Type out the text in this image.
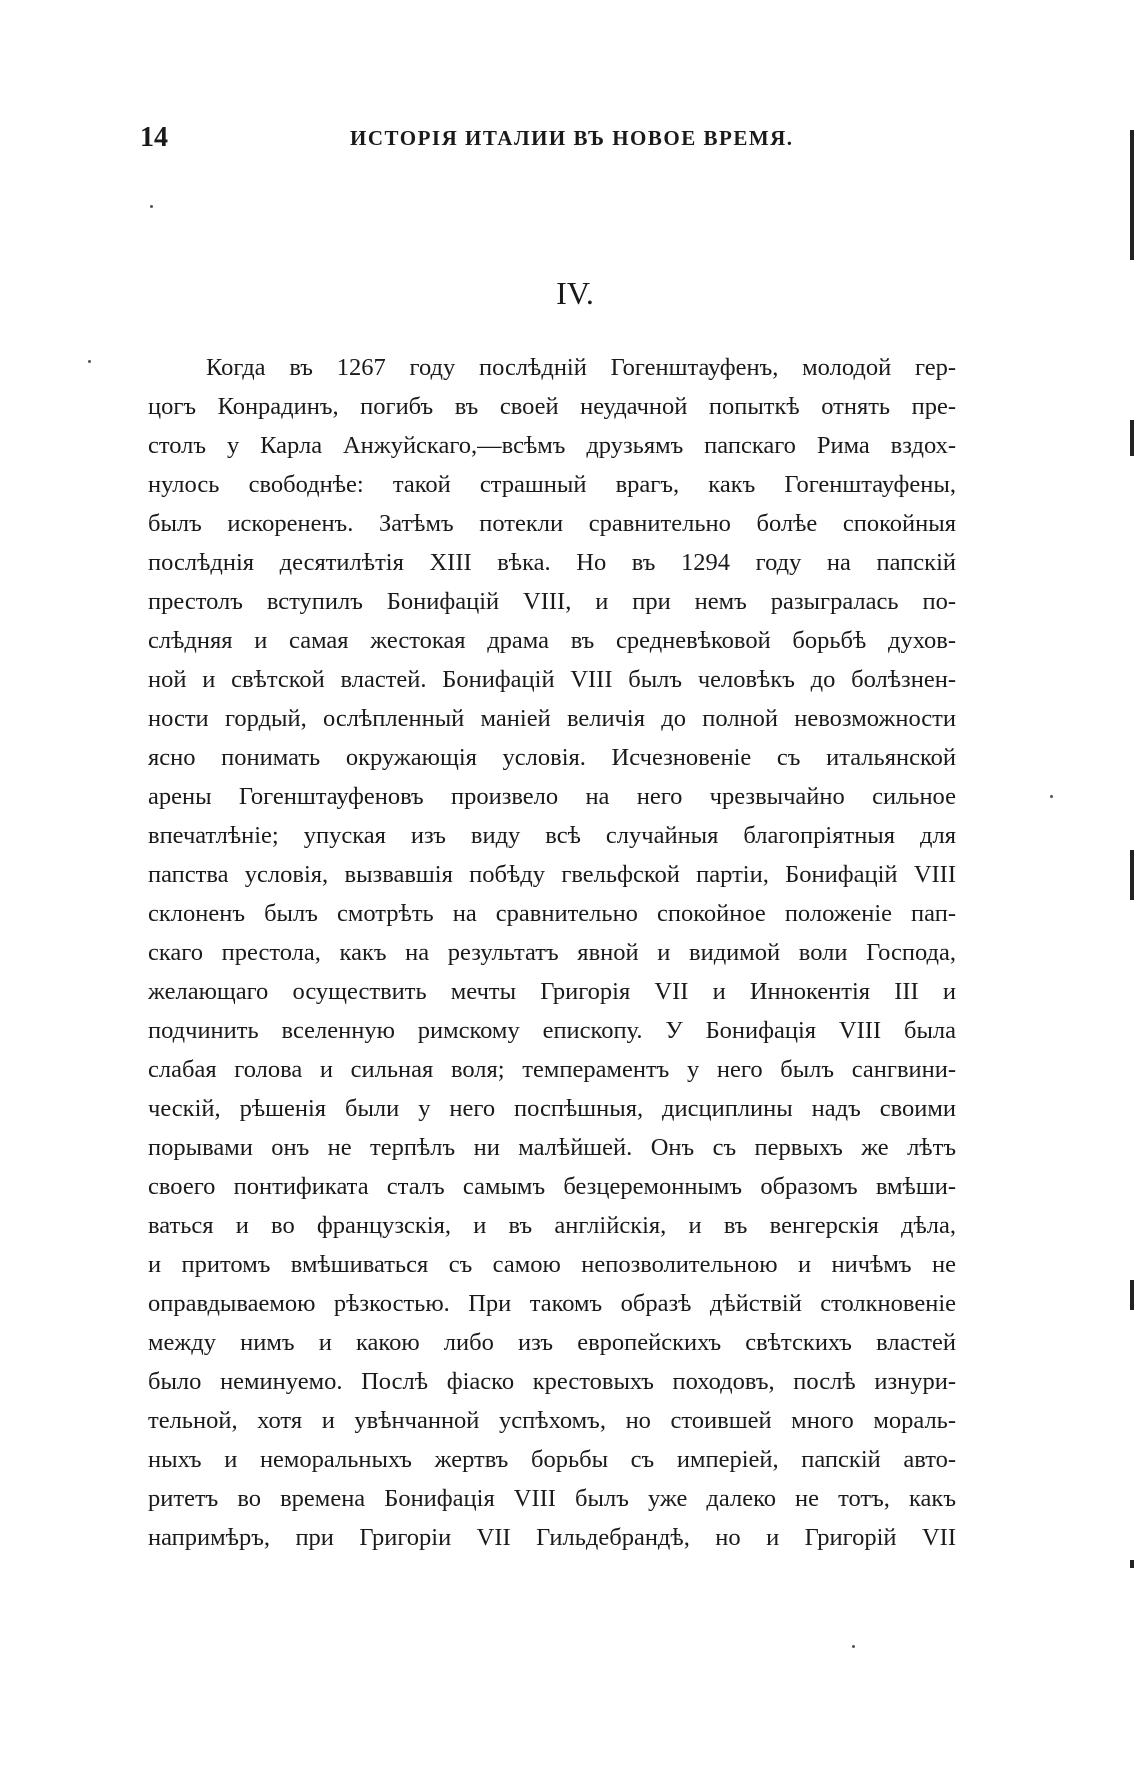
14	ИСТОРІЯ ИТАЛИИ ВЪ НОВОЕ ВРЕМЯ.
IV.
Когда въ 1267 году послѣдній Гогенштауфенъ, молодой гер-
цогъ Конрадинъ, погибъ въ своей неудачной попыткѣ отнять пре-
столъ у Карла Анжуйскаго,—всѣмъ друзьямъ папскаго Рима вздох-
нулось свободнѣе: такой страшный врагъ, какъ Гогенштауфены,
былъ искорененъ. Затѣмъ потекли сравнительно болѣе спокойныя
послѣднія десятилѣтія XIII вѣка. Но въ 1294 году на папскій
престолъ вступилъ Бонифацій VIII, и при немъ разыгралась по-
слѣдняя и самая жестокая драма въ средневѣковой борьбѣ духов-
ной и свѣтской властей. Бонифацій VIII былъ человѣкъ до болѣзнен-
ности гордый, ослѣпленный маніей величія до полной невозможности
ясно понимать окружающія условія. Исчезновеніе съ итальянской
арены Гогенштауфеновъ произвело на него чрезвычайно сильное
впечатлѣніе; упуская изъ виду всѣ случайныя благопріятныя для
папства условія, вызвавшія побѣду гвельфской партіи, Бонифацій VIII
склоненъ былъ смотрѣть на сравнительно спокойное положеніе пап-
скаго престола, какъ на результатъ явной и видимой воли Господа,
желающаго осуществить мечты Григорія VII и Иннокентія III и
подчинить вселенную римскому епископу. У Бонифація VIII была
слабая голова и сильная воля; темпераментъ у него былъ сангвини-
ческій, рѣшенія были у него поспѣшныя, дисциплины надъ своими
порывами онъ не терпѣлъ ни малѣйшей. Онъ съ первыхъ же лѣтъ
своего понтификата сталъ самымъ безцеремоннымъ образомъ вмѣши-
ваться и во французскія, и въ англійскія, и въ венгерскія дѣла,
и притомъ вмѣшиваться съ самою непозволительною и ничѣмъ не
оправдываемою рѣзкостью. При такомъ образѣ дѣйствій столкновеніе
между нимъ и какою либо изъ европейскихъ свѣтскихъ властей
было неминуемо. Послѣ фіаско крестовыхъ походовъ, послѣ изнури-
тельной, хотя и увѣнчанной успѣхомъ, но стоившей много мораль-
ныхъ и неморальныхъ жертвъ борьбы съ имперіей, папскій авто-
ритетъ во времена Бонифація VIII былъ уже далеко не тотъ, какъ
напримѣръ, при Григоріи VII Гильдебрандѣ, но и Григорій VII
